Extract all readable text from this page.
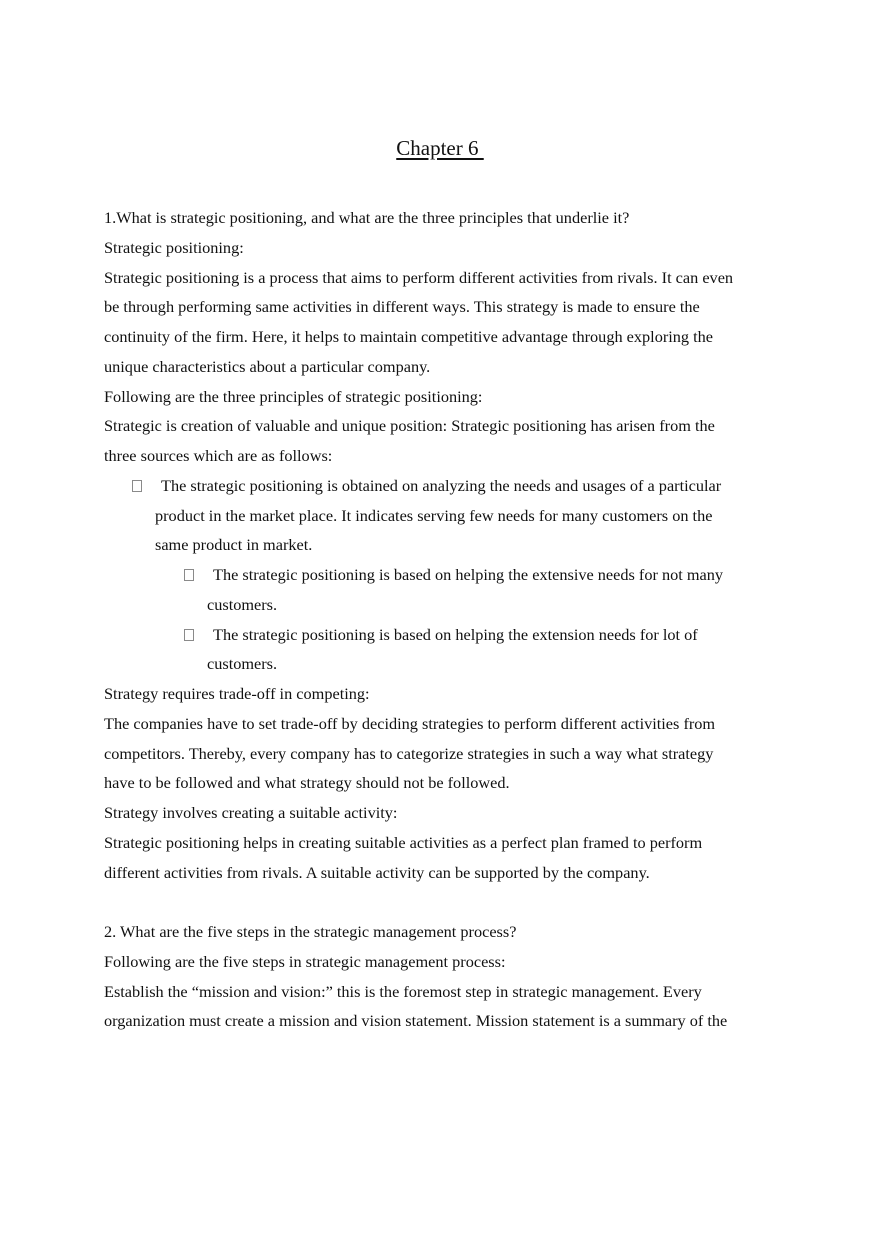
Chapter 6
1.What is strategic positioning, and what are the three principles that underlie it?
Strategic positioning:
Strategic positioning is a process that aims to perform different activities from rivals. It can even
be through performing same activities in different ways. This strategy is made to ensure the
continuity of the firm. Here, it helps to maintain competitive advantage through exploring the
unique characteristics about a particular company.
Following are the three principles of strategic positioning:
Strategic is creation of valuable and unique position: Strategic positioning has arisen from the
three sources which are as follows:
The strategic positioning is obtained on analyzing the needs and usages of a particular
product in the market place. It indicates serving few needs for many customers on the
same product in market.
The strategic positioning is based on helping the extensive needs for not many
customers.
The strategic positioning is based on helping the extension needs for lot of
customers.
Strategy requires trade-off in competing:
The companies have to set trade-off by deciding strategies to perform different activities from
competitors. Thereby, every company has to categorize strategies in such a way what strategy
have to be followed and what strategy should not be followed.
Strategy involves creating a suitable activity:
Strategic positioning helps in creating suitable activities as a perfect plan framed to perform
different activities from rivals. A suitable activity can be supported by the company.
2. What are the five steps in the strategic management process?
Following are the five steps in strategic management process:
Establish the “mission and vision:” this is the foremost step in strategic management. Every
organization must create a mission and vision statement. Mission statement is a summary of the
